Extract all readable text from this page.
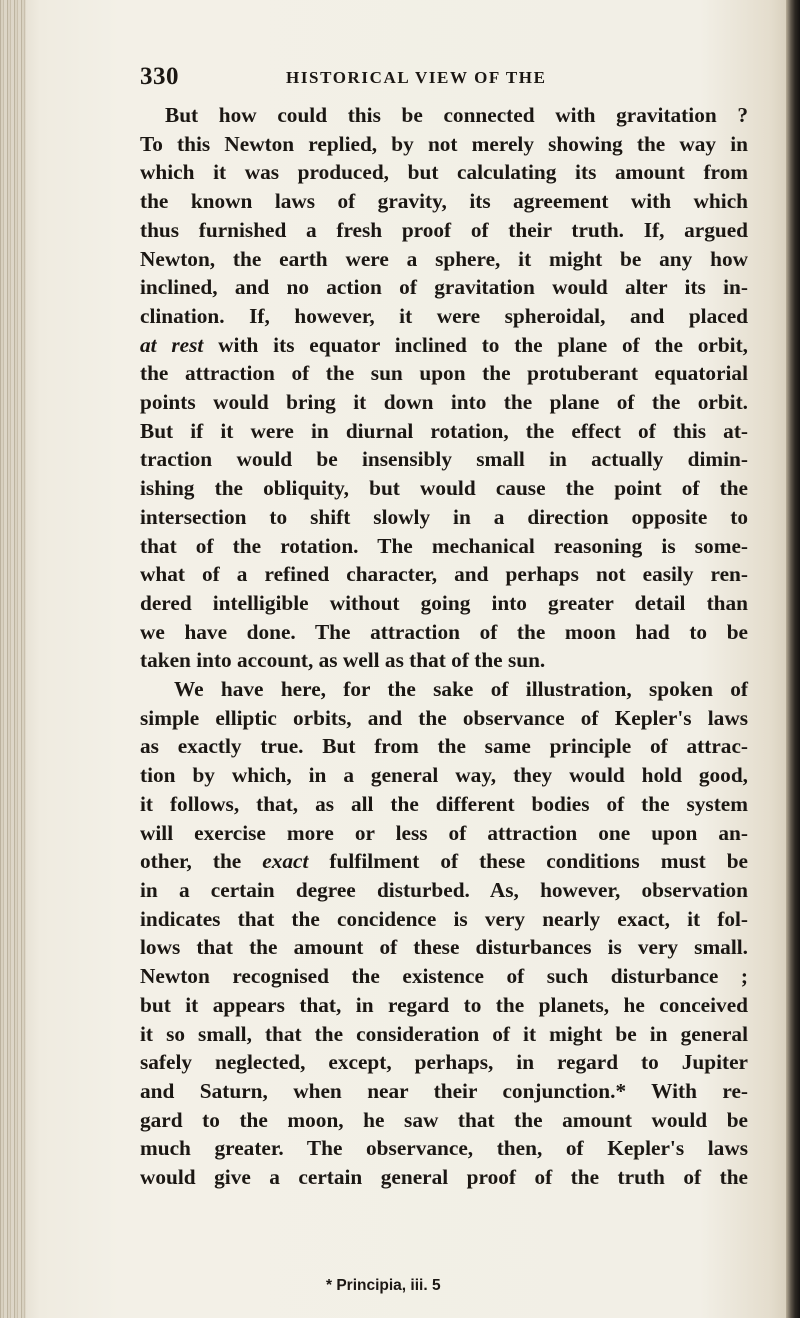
330	HISTORICAL VIEW OF THE
But how could this be connected with gravitation ?
To this Newton replied, by not merely showing the way in
which it was produced, but calculating its amount from
the known laws of gravity, its agreement with which
thus furnished a fresh proof of their truth. If, argued
Newton, the earth were a sphere, it might be any how
inclined, and no action of gravitation would alter its in-
clination. If, however, it were spheroidal, and placed
at rest with its equator inclined to the plane of the orbit,
the attraction of the sun upon the protuberant equatorial
points would bring it down into the plane of the orbit.
But if it were in diurnal rotation, the effect of this at-
traction would be insensibly small in actually dimin-
ishing the obliquity, but would cause the point of the
intersection to shift slowly in a direction opposite to
that of the rotation. The mechanical reasoning is some-
what of a refined character, and perhaps not easily ren-
dered intelligible without going into greater detail than
we have done. The attraction of the moon had to be
taken into account, as well as that of the sun.
We have here, for the sake of illustration, spoken of
simple elliptic orbits, and the observance of Kepler's laws
as exactly true. But from the same principle of attrac-
tion by which, in a general way, they would hold good,
it follows, that, as all the different bodies of the system
will exercise more or less of attraction one upon an-
other, the exact fulfilment of these conditions must be
in a certain degree disturbed. As, however, observation
indicates that the concidence is very nearly exact, it fol-
lows that the amount of these disturbances is very small.
Newton recognised the existence of such disturbance ;
but it appears that, in regard to the planets, he conceived
it so small, that the consideration of it might be in general
safely neglected, except, perhaps, in regard to Jupiter
and Saturn, when near their conjunction.* With re-
gard to the moon, he saw that the amount would be
much greater. The observance, then, of Kepler's laws
would give a certain general proof of the truth of the
* Principia, iii. 5
